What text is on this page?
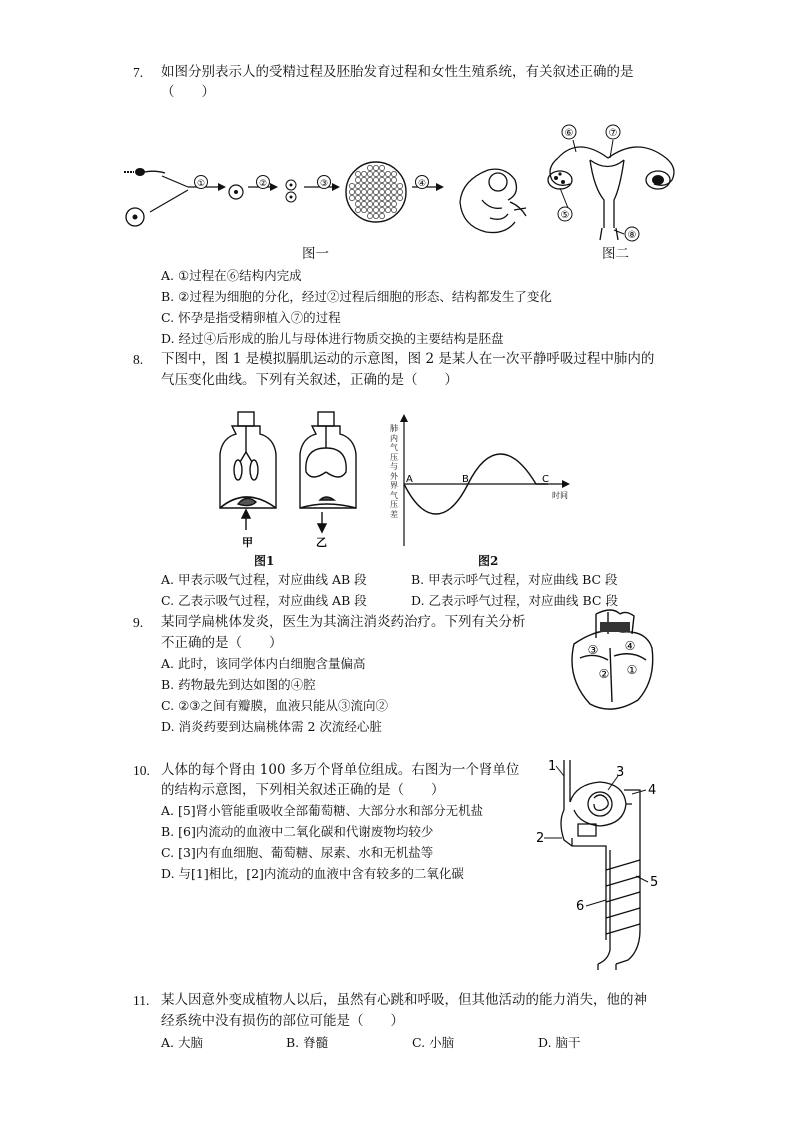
7. 如图分别表示人的受精过程及胚胎发育过程和女性生殖系统，有关叙述正确的是
（　　）
①	②	③	④
图一
⑥	⑦
⑤
⑧
图二
A. ①过程在⑥结构内完成
B. ②过程为细胞的分化，经过②过程后细胞的形态、结构都发生了变化
C. 怀孕是指受精卵植入⑦的过程
D. 经过④后形成的胎儿与母体进行物质交换的主要结构是胚盘
8. 下图中，图 1 是模拟膈肌运动的示意图，图 2 是某人在一次平静呼吸过程中肺内的
气压变化曲线。下列有关叙述，正确的是（　　）
甲	乙
图1
A	B	C
肺内气压与外界气压差
时间
图2
A. 甲表示吸气过程，对应曲线 AB 段	B. 甲表示呼气过程，对应曲线 BC 段
C. 乙表示吸气过程，对应曲线 AB 段	D. 乙表示呼气过程，对应曲线 BC 段
9. 某同学扁桃体发炎，医生为其滴注消炎药治疗。下列有关分析
不正确的是（　　）	③ ④
② ①
A. 此时，该同学体内白细胞含量偏高
B. 药物最先到达如图的④腔
C. ②③之间有瓣膜，血液只能从③流向②
D. 消炎药要到达扁桃体需 2 次流经心脏
10. 人体的每个肾由 100 多万个肾单位组成。右图为一个肾单位
的结构示意图，下列相关叙述正确的是（　　）
1
2
3
4
5
6
A. [5]肾小管能重吸收全部葡萄糖、大部分水和部分无机盐
B. [6]内流动的血液中二氧化碳和代谢废物均较少
C. [3]内有血细胞、葡萄糖、尿素、水和无机盐等
D. 与[1]相比，[2]内流动的血液中含有较多的二氧化碳
11. 某人因意外变成植物人以后，虽然有心跳和呼吸，但其他活动的能力消失，他的神
经系统中没有损伤的部位可能是（　　）
A. 大脑	B. 脊髓	C. 小脑	D. 脑干
